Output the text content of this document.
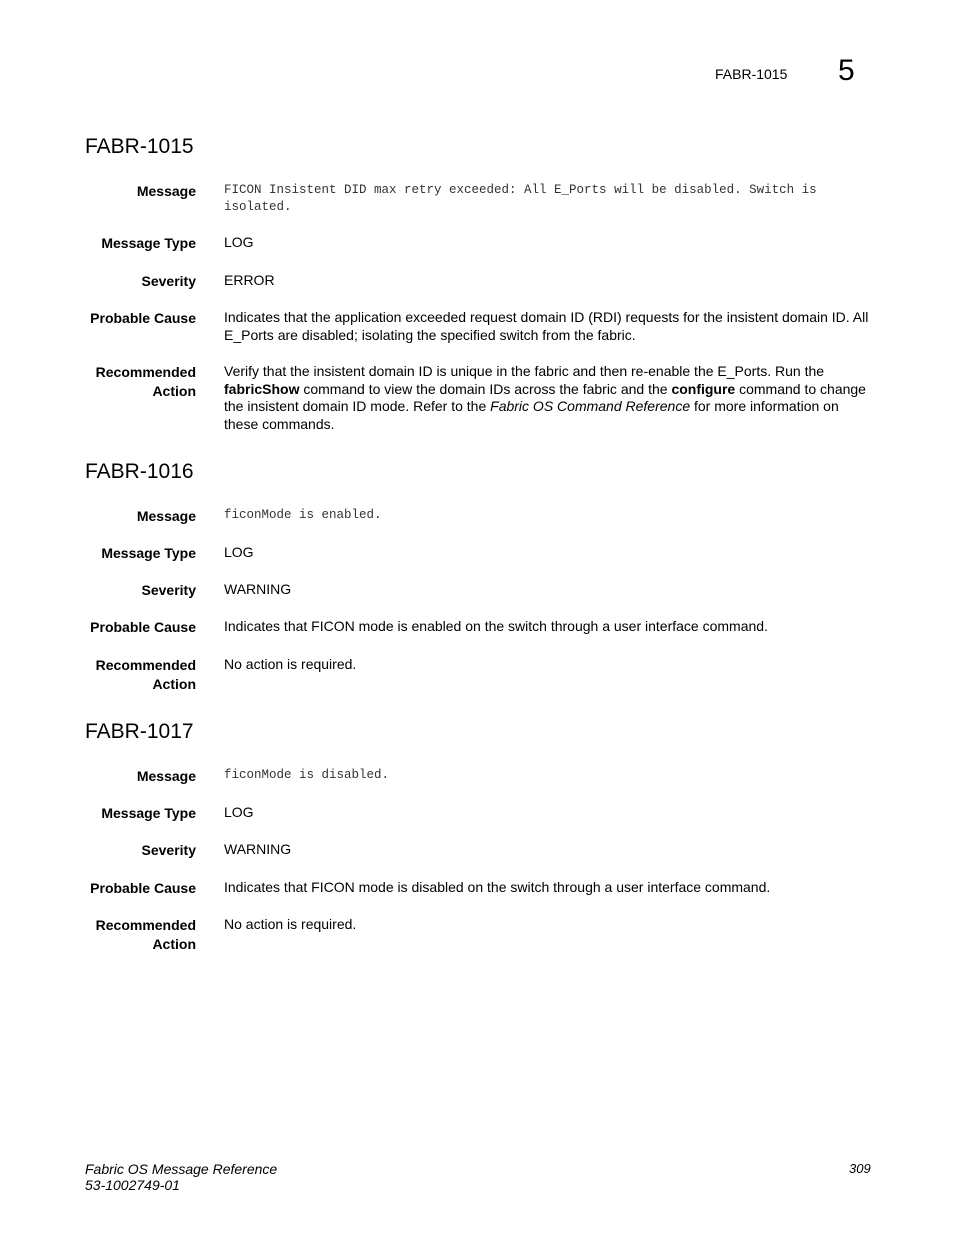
FABR-1015 5
FABR-1015
Message FICON Insistent DID max retry exceeded: All E_Ports will be disabled. Switch is isolated.
Message Type LOG
Severity ERROR
Probable Cause Indicates that the application exceeded request domain ID (RDI) requests for the insistent domain ID. All E_Ports are disabled; isolating the specified switch from the fabric.
Recommended
Action
Verify that the insistent domain ID is unique in the fabric and then re-enable the E_Ports. Run the fabricShow command to view the domain IDs across the fabric and the configure command to change the insistent domain ID mode. Refer to the Fabric OS Command Reference for more information on these commands.
FABR-1016
Message ficonMode is enabled.
Message Type LOG
Severity WARNING
Probable Cause Indicates that FICON mode is enabled on the switch through a user interface command.
Recommended
Action
No action is required.
FABR-1017
Message ficonMode is disabled.
Message Type LOG
Severity WARNING
Probable Cause Indicates that FICON mode is disabled on the switch through a user interface command.
Recommended
Action
No action is required.
Fabric OS Message Reference
53-1002749-01
309
